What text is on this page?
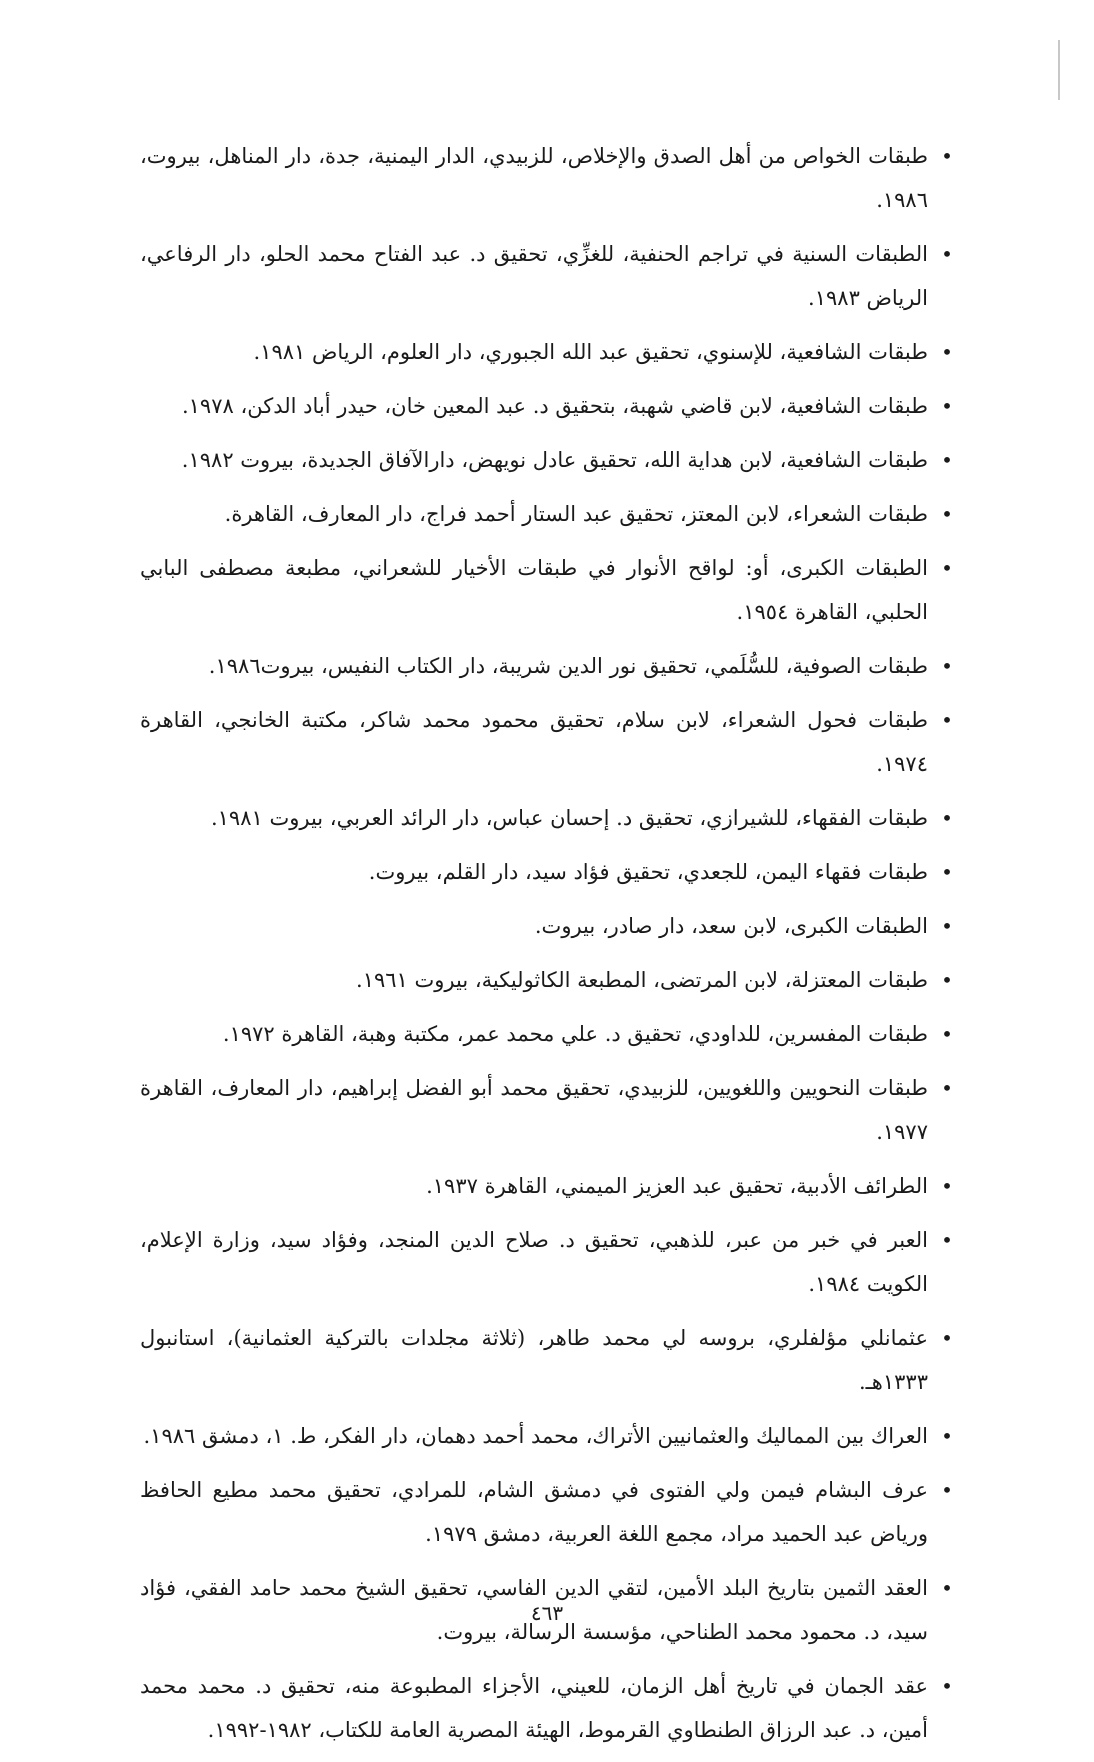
•
طبقات الخواص من أهل الصدق والإخلاص، للزبيدي، الدار اليمنية، جدة، دار المناهل، بيروت، ١٩٨٦.
•
الطبقات السنية في تراجم الحنفية، للغزِّي، تحقيق د. عبد الفتاح محمد الحلو، دار الرفاعي، الرياض ١٩٨٣.
•
طبقات الشافعية، للإسنوي، تحقيق عبد الله الجبوري، دار العلوم، الرياض ١٩٨١.
•
طبقات الشافعية، لابن قاضي شهبة، بتحقيق د. عبد المعين خان، حيدر أباد الدكن، ١٩٧٨.
•
طبقات الشافعية، لابن هداية الله، تحقيق عادل نويهض، دارالآفاق الجديدة، بيروت ١٩٨٢.
•
طبقات الشعراء، لابن المعتز، تحقيق عبد الستار أحمد فراج، دار المعارف، القاهرة.
•
الطبقات الكبرى، أو: لواقح الأنوار في طبقات الأخيار للشعراني، مطبعة مصطفى البابي الحلبي، القاهرة ١٩٥٤.
•
طبقات الصوفية، للسُّلَمي، تحقيق نور الدين شريبة، دار الكتاب النفيس، بيروت١٩٨٦.
•
طبقات فحول الشعراء، لابن سلام، تحقيق محمود محمد شاكر، مكتبة الخانجي، القاهرة ١٩٧٤.
•
طبقات الفقهاء، للشيرازي، تحقيق د. إحسان عباس، دار الرائد العربي، بيروت ١٩٨١.
•
طبقات فقهاء اليمن، للجعدي، تحقيق فؤاد سيد، دار القلم، بيروت.
•
الطبقات الكبرى، لابن سعد، دار صادر، بيروت.
•
طبقات المعتزلة، لابن المرتضى، المطبعة الكاثوليكية، بيروت ١٩٦١.
•
طبقات المفسرين، للداودي، تحقيق د. علي محمد عمر، مكتبة وهبة، القاهرة ١٩٧٢.
•
طبقات النحويين واللغويين، للزبيدي، تحقيق محمد أبو الفضل إبراهيم، دار المعارف، القاهرة ١٩٧٧.
•
الطرائف الأدبية، تحقيق عبد العزيز الميمني، القاهرة ١٩٣٧.
•
العبر في خبر من عبر، للذهبي، تحقيق د. صلاح الدين المنجد، وفؤاد سيد، وزارة الإعلام، الكويت ١٩٨٤.
•
عثمانلي مؤلفلري، بروسه لي محمد طاهر، (ثلاثة مجلدات بالتركية العثمانية)، استانبول ١٣٣٣هـ.
•
العراك بين المماليك والعثمانيين الأتراك، محمد أحمد دهمان، دار الفكر، ط. ١، دمشق ١٩٨٦.
•
عرف البشام فيمن ولي الفتوى في دمشق الشام، للمرادي، تحقيق محمد مطيع الحافظ ورياض عبد الحميد مراد، مجمع اللغة العربية، دمشق ١٩٧٩.
•
العقد الثمين بتاريخ البلد الأمين، لتقي الدين الفاسي، تحقيق الشيخ محمد حامد الفقي، فؤاد سيد، د. محمود محمد الطناحي، مؤسسة الرسالة، بيروت.
•
عقد الجمان في تاريخ أهل الزمان، للعيني، الأجزاء المطبوعة منه، تحقيق د. محمد محمد أمين، د. عبد الرزاق الطنطاوي القرموط، الهيئة المصرية العامة للكتاب، ١٩٨٢-١٩٩٢.
٤٦٣
